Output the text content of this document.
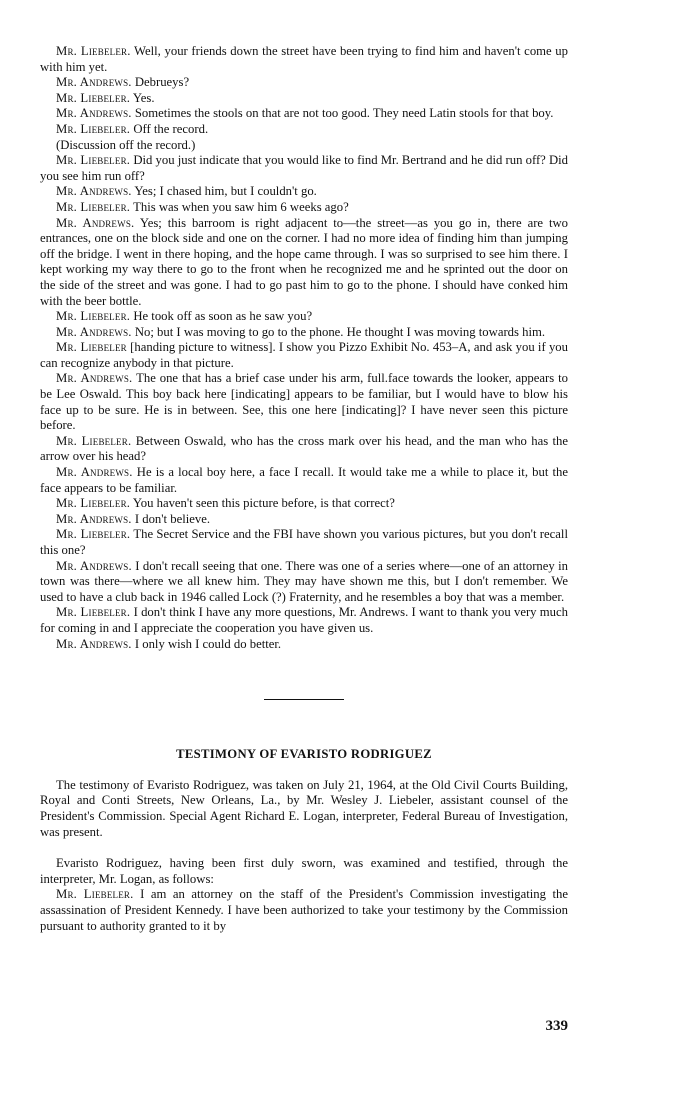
Mr. Liebeler. Well, your friends down the street have been trying to find him and haven't come up with him yet.

Mr. Andrews. Debrueys?

Mr. Liebeler. Yes.

Mr. Andrews. Sometimes the stools on that are not too good. They need Latin stools for that boy.

Mr. Liebeler. Off the record.

(Discussion off the record.)

Mr. Liebeler. Did you just indicate that you would like to find Mr. Bertrand and he did run off? Did you see him run off?

Mr. Andrews. Yes; I chased him, but I couldn't go.

Mr. Liebeler. This was when you saw him 6 weeks ago?

Mr. Andrews. Yes; this barroom is right adjacent to—the street—as you go in, there are two entrances, one on the block side and one on the corner. I had no more idea of finding him than jumping off the bridge. I went in there hoping, and the hope came through. I was so surprised to see him there. I kept working my way there to go to the front when he recognized me and he sprinted out the door on the side of the street and was gone. I had to go past him to go to the phone. I should have conked him with the beer bottle.

Mr. Liebeler. He took off as soon as he saw you?

Mr. Andrews. No; but I was moving to go to the phone. He thought I was moving towards him.

Mr. Liebeler [handing picture to witness]. I show you Pizzo Exhibit No. 453–A, and ask you if you can recognize anybody in that picture.

Mr. Andrews. The one that has a brief case under his arm, full.face towards the looker, appears to be Lee Oswald. This boy back here [indicating] appears to be familiar, but I would have to blow his face up to be sure. He is in between. See, this one here [indicating]? I have never seen this picture before.

Mr. Liebeler. Between Oswald, who has the cross mark over his head, and the man who has the arrow over his head?

Mr. Andrews. He is a local boy here, a face I recall. It would take me a while to place it, but the face appears to be familiar.

Mr. Liebeler. You haven't seen this picture before, is that correct?

Mr. Andrews. I don't believe.

Mr. Liebeler. The Secret Service and the FBI have shown you various pictures, but you don't recall this one?

Mr. Andrews. I don't recall seeing that one. There was one of a series where—one of an attorney in town was there—where we all knew him. They may have shown me this, but I don't remember. We used to have a club back in 1946 called Lock (?) Fraternity, and he resembles a boy that was a member.

Mr. Liebeler. I don't think I have any more questions, Mr. Andrews. I want to thank you very much for coming in and I appreciate the cooperation you have given us.

Mr. Andrews. I only wish I could do better.

TESTIMONY OF EVARISTO RODRIGUEZ

The testimony of Evaristo Rodriguez, was taken on July 21, 1964, at the Old Civil Courts Building, Royal and Conti Streets, New Orleans, La., by Mr. Wesley J. Liebeler, assistant counsel of the President's Commission. Special Agent Richard E. Logan, interpreter, Federal Bureau of Investigation, was present.

Evaristo Rodriguez, having been first duly sworn, was examined and testified, through the interpreter, Mr. Logan, as follows:

Mr. Liebeler. I am an attorney on the staff of the President's Commission investigating the assassination of President Kennedy. I have been authorized to take your testimony by the Commission pursuant to authority granted to it by

339
